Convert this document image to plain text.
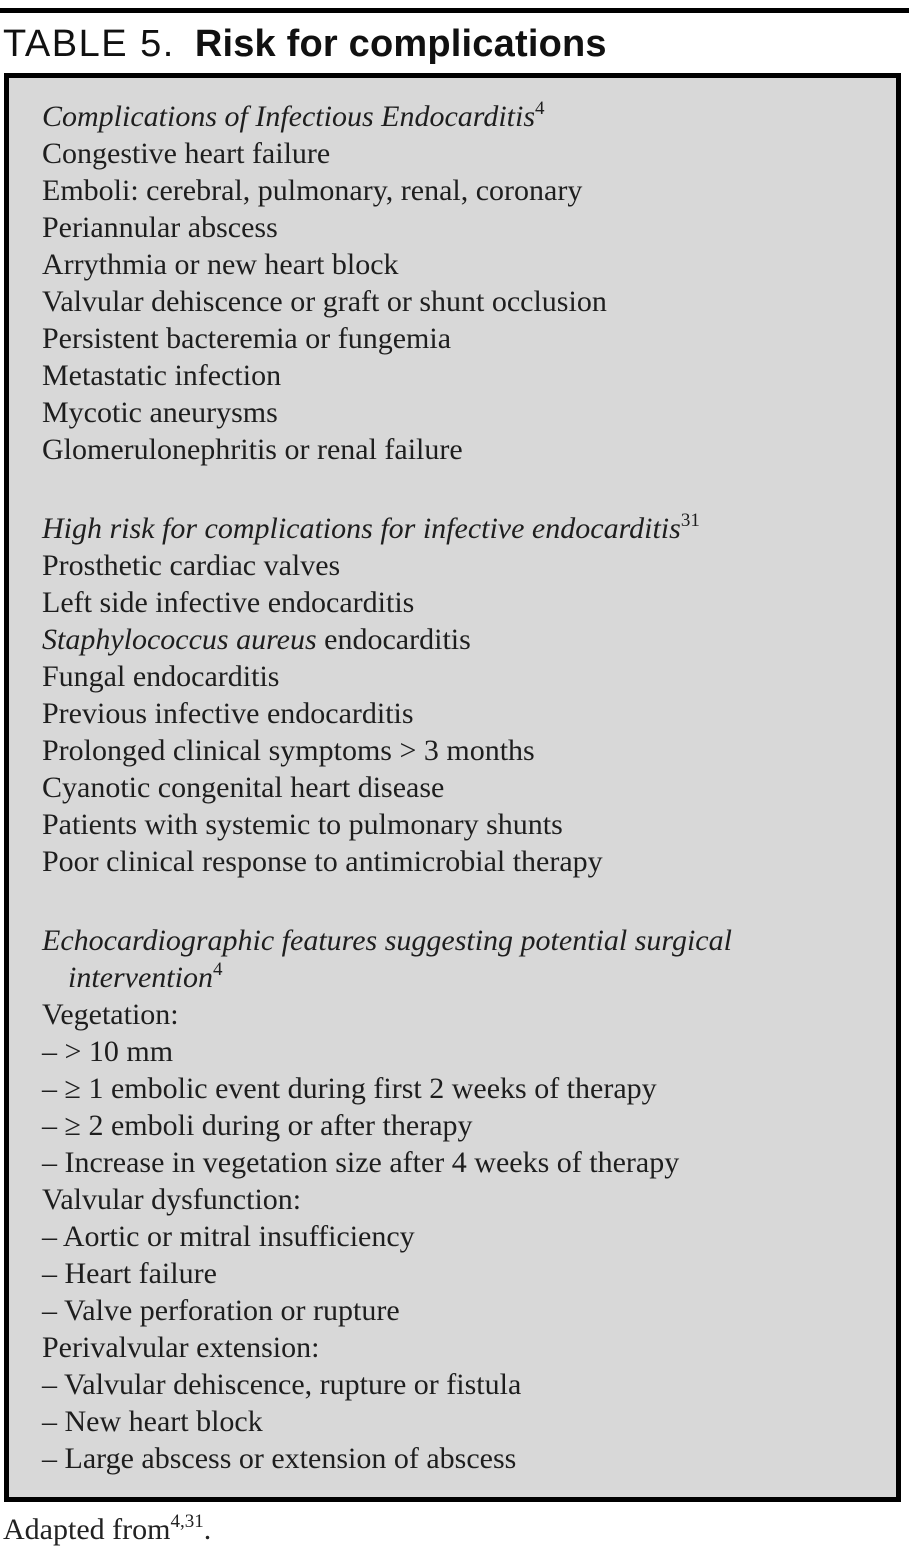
TABLE 5. Risk for complications
Complications of Infectious Endocarditis$^4$
Congestive heart failure
Emboli: cerebral, pulmonary, renal, coronary
Periannular abscess
Arrythmia or new heart block
Valvular dehiscence or graft or shunt occlusion
Persistent bacteremia or fungemia
Metastatic infection
Mycotic aneurysms
Glomerulonephritis or renal failure
High risk for complications for infective endocarditis$^{31}$
Prosthetic cardiac valves
Left side infective endocarditis
Staphylococcus aureus endocarditis
Fungal endocarditis
Previous infective endocarditis
Prolonged clinical symptoms > 3 months
Cyanotic congenital heart disease
Patients with systemic to pulmonary shunts
Poor clinical response to antimicrobial therapy
Echocardiographic features suggesting potential surgical
intervention$^4$
Vegetation:
– > 10 mm
– ≥ 1 embolic event during first 2 weeks of therapy
– ≥ 2 emboli during or after therapy
– Increase in vegetation size after 4 weeks of therapy
Valvular dysfunction:
– Aortic or mitral insufficiency
– Heart failure
– Valve perforation or rupture
Perivalvular extension:
– Valvular dehiscence, rupture or fistula
– New heart block
– Large abscess or extension of abscess
Adapted from$^{4,31}$.
